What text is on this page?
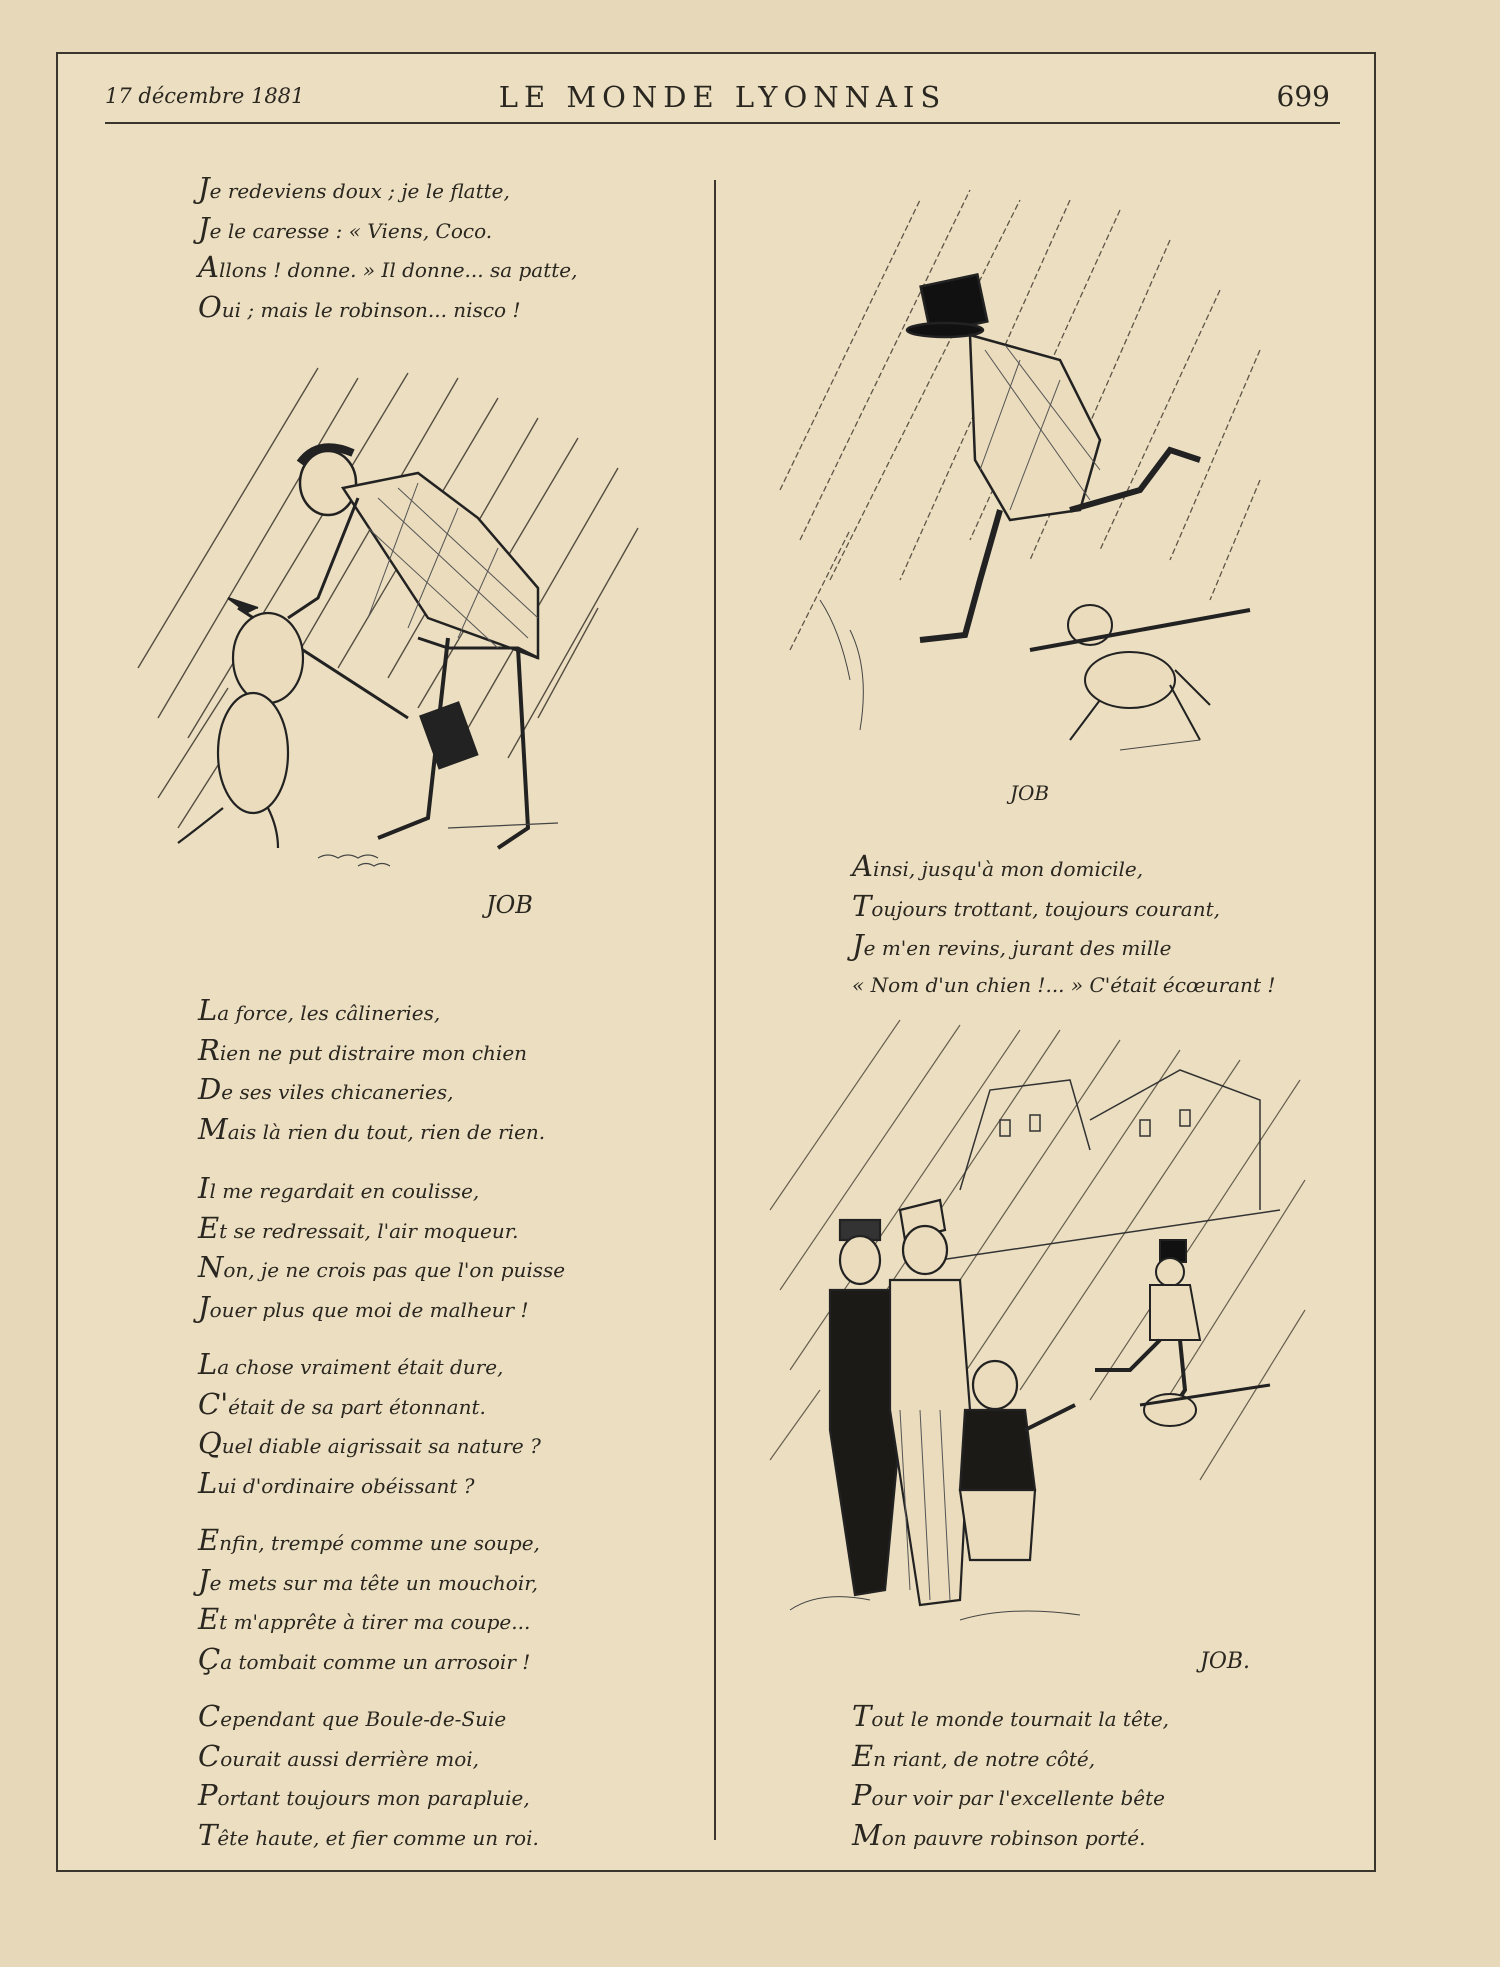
17 décembre 1881	LE MONDE LYONNAIS	699
Je redeviens doux ; je le flatte,
Je le caresse : « Viens, Coco.
Allons ! donne. » Il donne... sa patte,
Oui ; mais le robinson... nisco !
JOB
La force, les câlineries,
Rien ne put distraire mon chien
De ses viles chicaneries,
Mais là rien du tout, rien de rien.
Il me regardait en coulisse,
Et se redressait, l'air moqueur.
Non, je ne crois pas que l'on puisse
Jouer plus que moi de malheur !
La chose vraiment était dure,
C'était de sa part étonnant.
Quel diable aigrissait sa nature ?
Lui d'ordinaire obéissant ?
Enfin, trempé comme une soupe,
Je mets sur ma tête un mouchoir,
Et m'apprête à tirer ma coupe...
Ça tombait comme un arrosoir !
Cependant que Boule-de-Suie
Courait aussi derrière moi,
Portant toujours mon parapluie,
Tête haute, et fier comme un roi.
JOB
Ainsi, jusqu'à mon domicile,
Toujours trottant, toujours courant,
Je m'en revins, jurant des mille
« Nom d'un chien !... » C'était écœurant !
JOB.
Tout le monde tournait la tête,
En riant, de notre côté,
Pour voir par l'excellente bête
Mon pauvre robinson porté.
